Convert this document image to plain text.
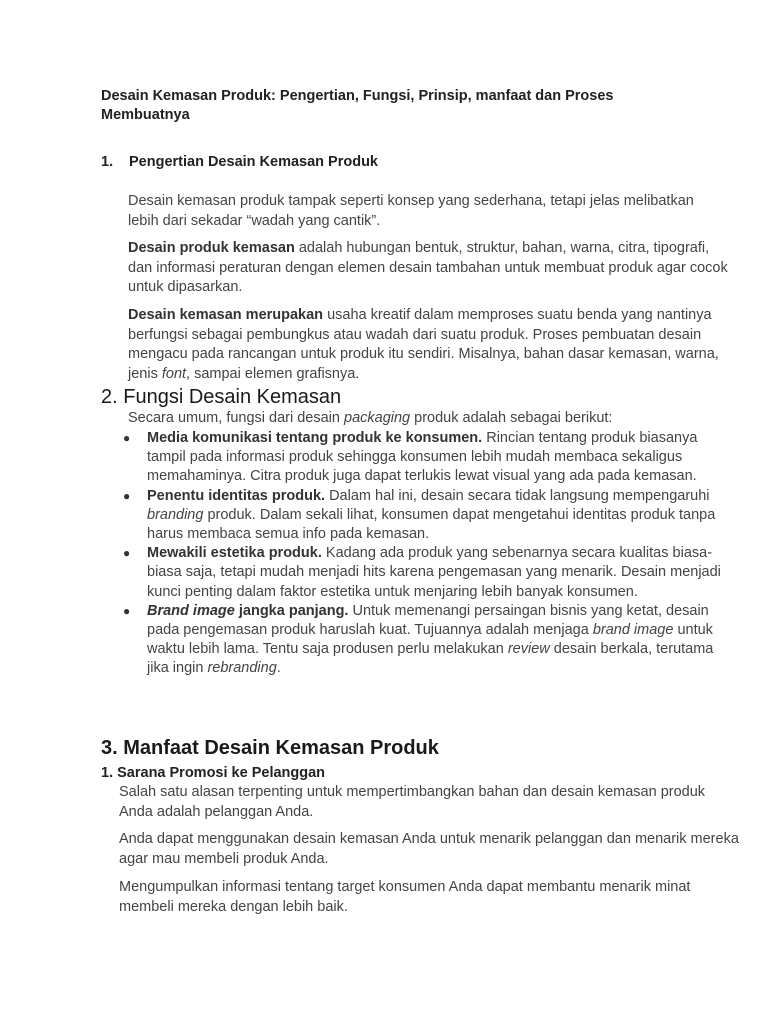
Desain Kemasan Produk: Pengertian, Fungsi, Prinsip, manfaat dan Proses Membuatnya
1. Pengertian Desain Kemasan Produk
Desain kemasan produk tampak seperti konsep yang sederhana, tetapi jelas melibatkan lebih dari sekadar “wadah yang cantik”.
Desain produk kemasan adalah hubungan bentuk, struktur, bahan, warna, citra, tipografi, dan informasi peraturan dengan elemen desain tambahan untuk membuat produk agar cocok untuk dipasarkan.
Desain kemasan merupakan usaha kreatif dalam memproses suatu benda yang nantinya berfungsi sebagai pembungkus atau wadah dari suatu produk. Proses pembuatan desain mengacu pada rancangan untuk produk itu sendiri. Misalnya, bahan dasar kemasan, warna, jenis font, sampai elemen grafisnya.
2. Fungsi Desain Kemasan
Secara umum, fungsi dari desain packaging produk adalah sebagai berikut:
● Media komunikasi tentang produk ke konsumen. Rincian tentang produk biasanya tampil pada informasi produk sehingga konsumen lebih mudah membaca sekaligus memahaminya. Citra produk juga dapat terlukis lewat visual yang ada pada kemasan.
● Penentu identitas produk. Dalam hal ini, desain secara tidak langsung mempengaruhi branding produk. Dalam sekali lihat, konsumen dapat mengetahui identitas produk tanpa harus membaca semua info pada kemasan.
● Mewakili estetika produk. Kadang ada produk yang sebenarnya secara kualitas biasa-biasa saja, tetapi mudah menjadi hits karena pengemasan yang menarik. Desain menjadi kunci penting dalam faktor estetika untuk menjaring lebih banyak konsumen.
● Brand image jangka panjang. Untuk memenangi persaingan bisnis yang ketat, desain pada pengemasan produk haruslah kuat. Tujuannya adalah menjaga brand image untuk waktu lebih lama. Tentu saja produsen perlu melakukan review desain berkala, terutama jika ingin rebranding.
3. Manfaat Desain Kemasan Produk
1. Sarana Promosi ke Pelanggan
Salah satu alasan terpenting untuk mempertimbangkan bahan dan desain kemasan produk Anda adalah pelanggan Anda.
Anda dapat menggunakan desain kemasan Anda untuk menarik pelanggan dan menarik mereka agar mau membeli produk Anda.
Mengumpulkan informasi tentang target konsumen Anda dapat membantu menarik minat membeli mereka dengan lebih baik.
